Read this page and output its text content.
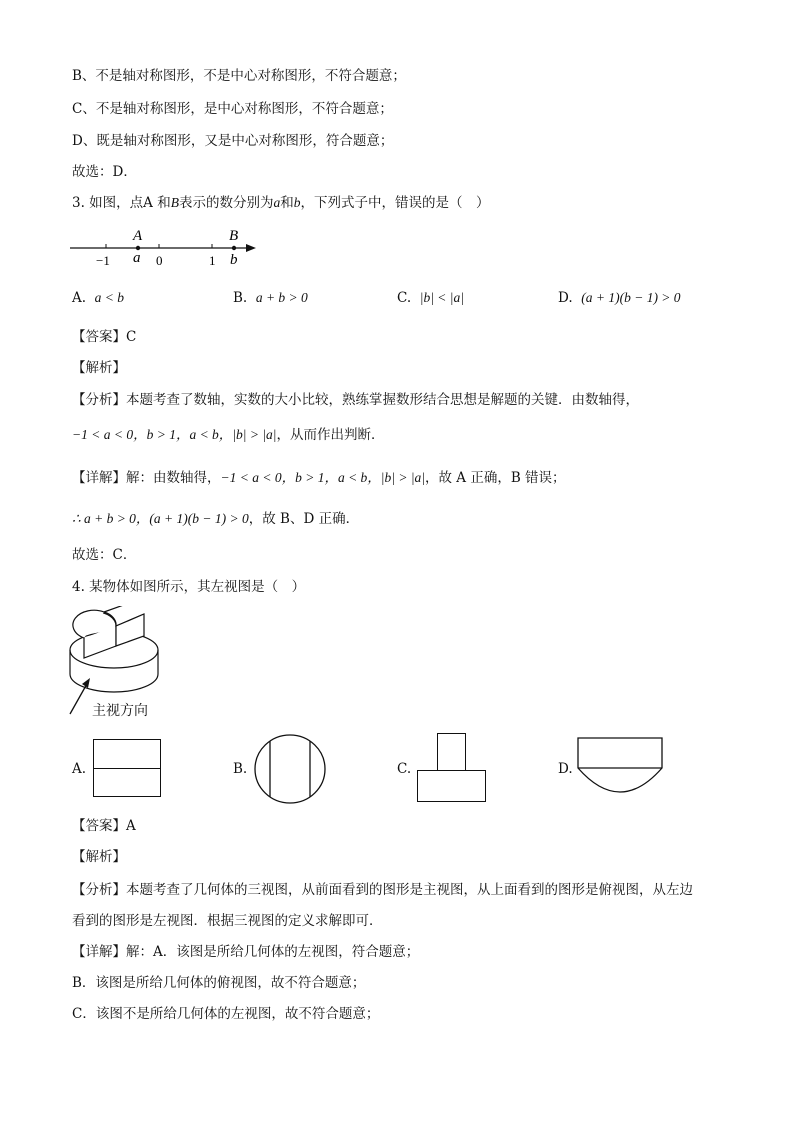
B、不是轴对称图形，不是中心对称图形，不符合题意；
C、不是轴对称图形，是中心对称图形，不符合题意；
D、既是轴对称图形，又是中心对称图形，符合题意；
故选：D．
3. 如图，点A 和B表示的数分别为a和b，下列式子中，错误的是（　）
A	B
a	b
−1	0	1
A. a < b	B. a + b > 0	C. |b| < |a|	D. (a + 1)(b − 1) > 0
【答案】C
【解析】
【分析】本题考查了数轴，实数的大小比较，熟练掌握数形结合思想是解题的关键．由数轴得，
−1 < a < 0，b > 1，a < b，|b| > |a|，从而作出判断．
【详解】解：由数轴得，−1 < a < 0，b > 1，a < b，|b| > |a|，故 A 正确，B 错误；
∴ a + b > 0，(a + 1)(b − 1) > 0，故 B、D 正确．
故选：C．
4. 某物体如图所示，其左视图是（　）
主视方向
A.	B.	C.	D.
【答案】A
【解析】
【分析】本题考查了几何体的三视图，从前面看到的图形是主视图，从上面看到的图形是俯视图，从左边
看到的图形是左视图．根据三视图的定义求解即可．
【详解】解：A．该图是所给几何体的左视图，符合题意；
B．该图是所给几何体的俯视图，故不符合题意；
C．该图不是所给几何体的左视图，故不符合题意；
